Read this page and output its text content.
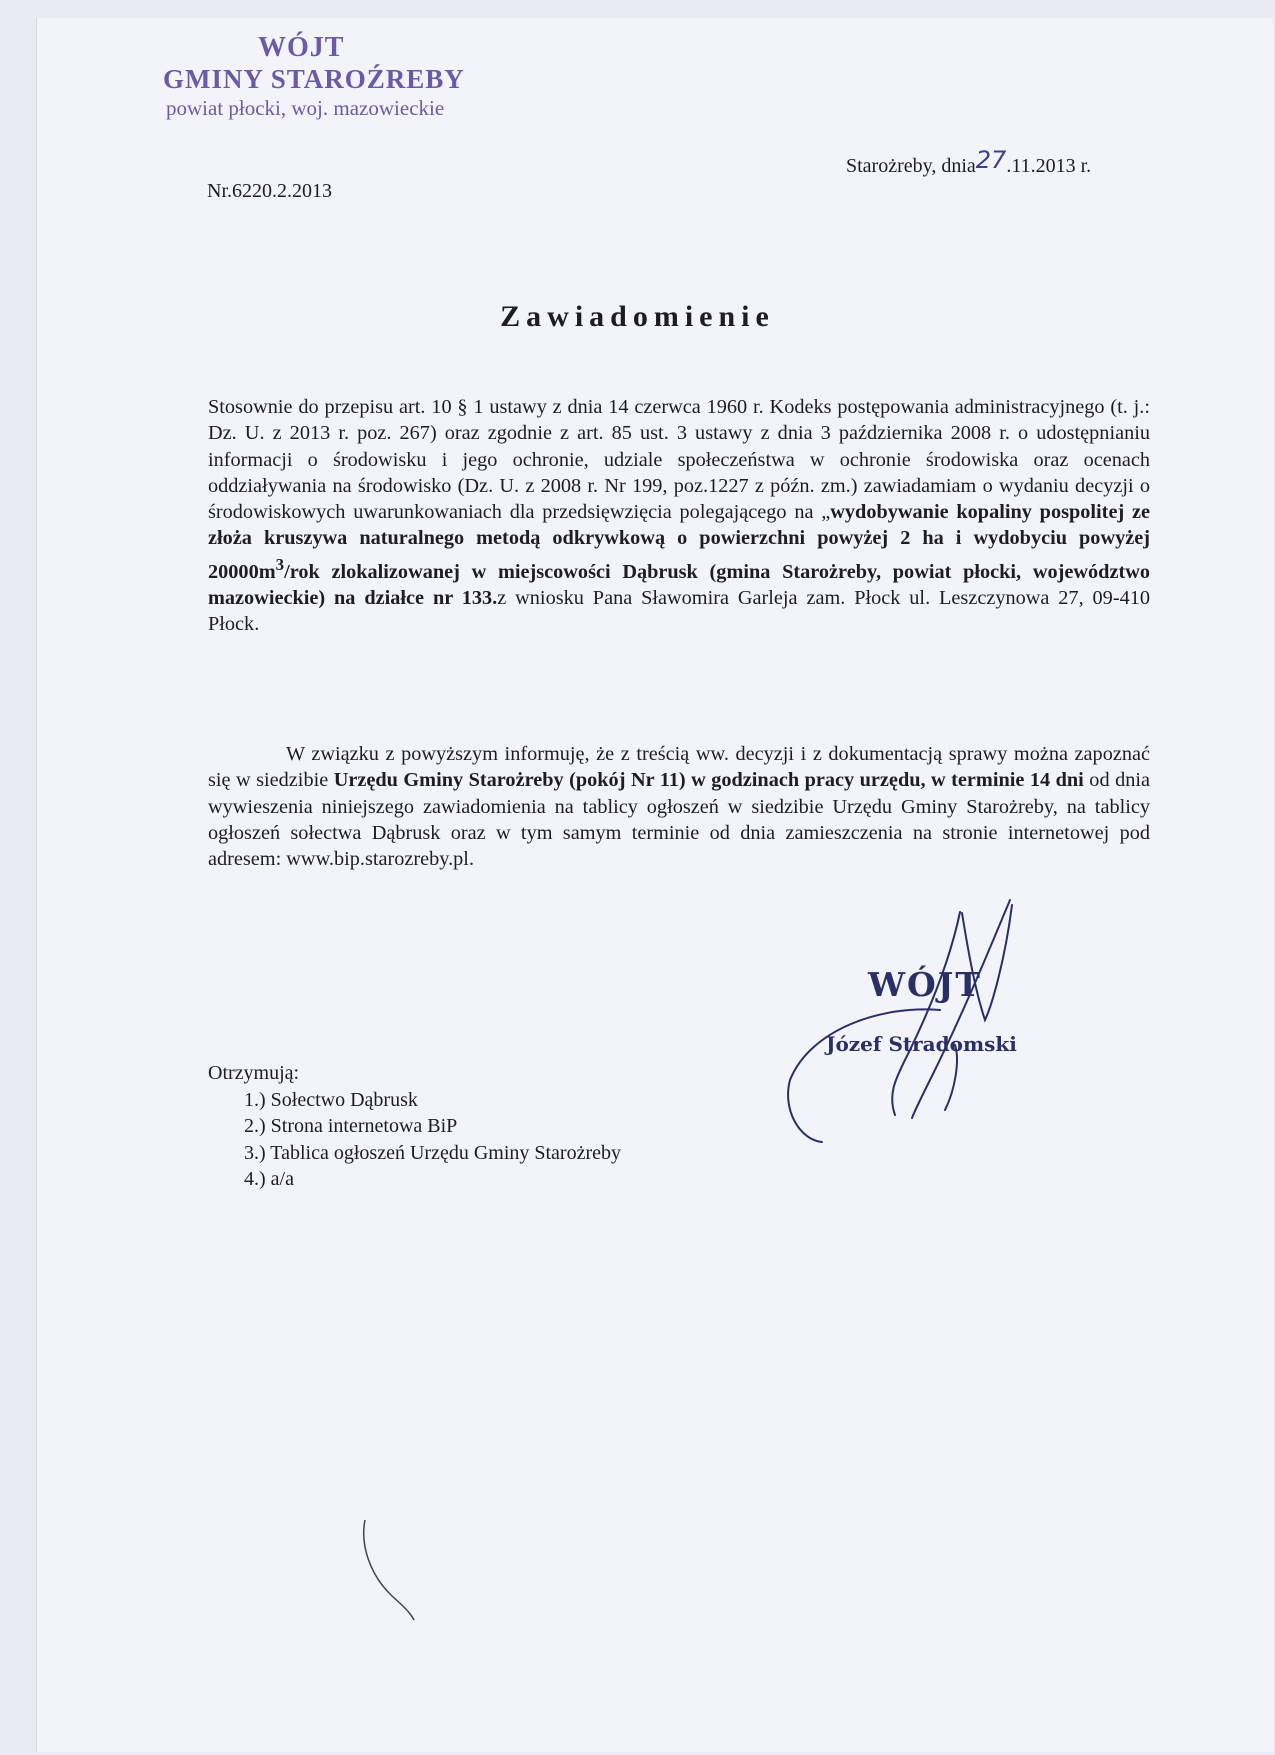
WÓJT
GMINY STAROŹREBY
powiat płocki, woj. mazowieckie
Nr.6220.2.2013
Starożreby, dnia27.11.2013 r.
Zawiadomienie
Stosownie do przepisu art. 10 § 1 ustawy z dnia 14 czerwca 1960 r. Kodeks postępowania administracyjnego (t. j.: Dz. U. z 2013 r. poz. 267) oraz zgodnie z art. 85 ust. 3 ustawy z dnia 3 października 2008 r. o udostępnianiu informacji o środowisku i jego ochronie, udziale społeczeństwa w ochronie środowiska oraz ocenach oddziaływania na środowisko (Dz. U. z 2008 r. Nr 199, poz.1227 z późn. zm.) zawiadamiam o wydaniu decyzji o środowiskowych uwarunkowaniach dla przedsięwzięcia polegającego na „wydobywanie kopaliny pospolitej ze złoża kruszywa naturalnego metodą odkrywkową o powierzchni powyżej 2 ha i wydobyciu powyżej $20000m^3$/rok zlokalizowanej w miejscowości Dąbrusk (gmina Starożreby, powiat płocki, województwo mazowieckie) na działce nr 133.z wniosku Pana Sławomira Garleja zam. Płock ul. Leszczynowa 27, 09-410 Płock.
W związku z powyższym informuję, że z treścią ww. decyzji i z dokumentacją sprawy można zapoznać się w siedzibie Urzędu Gminy Starożreby (pokój Nr 11) w godzinach pracy urzędu, w terminie 14 dni od dnia wywieszenia niniejszego zawiadomienia na tablicy ogłoszeń w siedzibie Urzędu Gminy Starożreby, na tablicy ogłoszeń sołectwa Dąbrusk oraz w tym samym terminie od dnia zamieszczenia na stronie internetowej pod adresem: www.bip.starozreby.pl.
WÓJT
Józef Stradomski
Otrzymują:
1.) Sołectwo Dąbrusk
2.) Strona internetowa BiP
3.) Tablica ogłoszeń Urzędu Gminy Starożreby
4.) a/a
